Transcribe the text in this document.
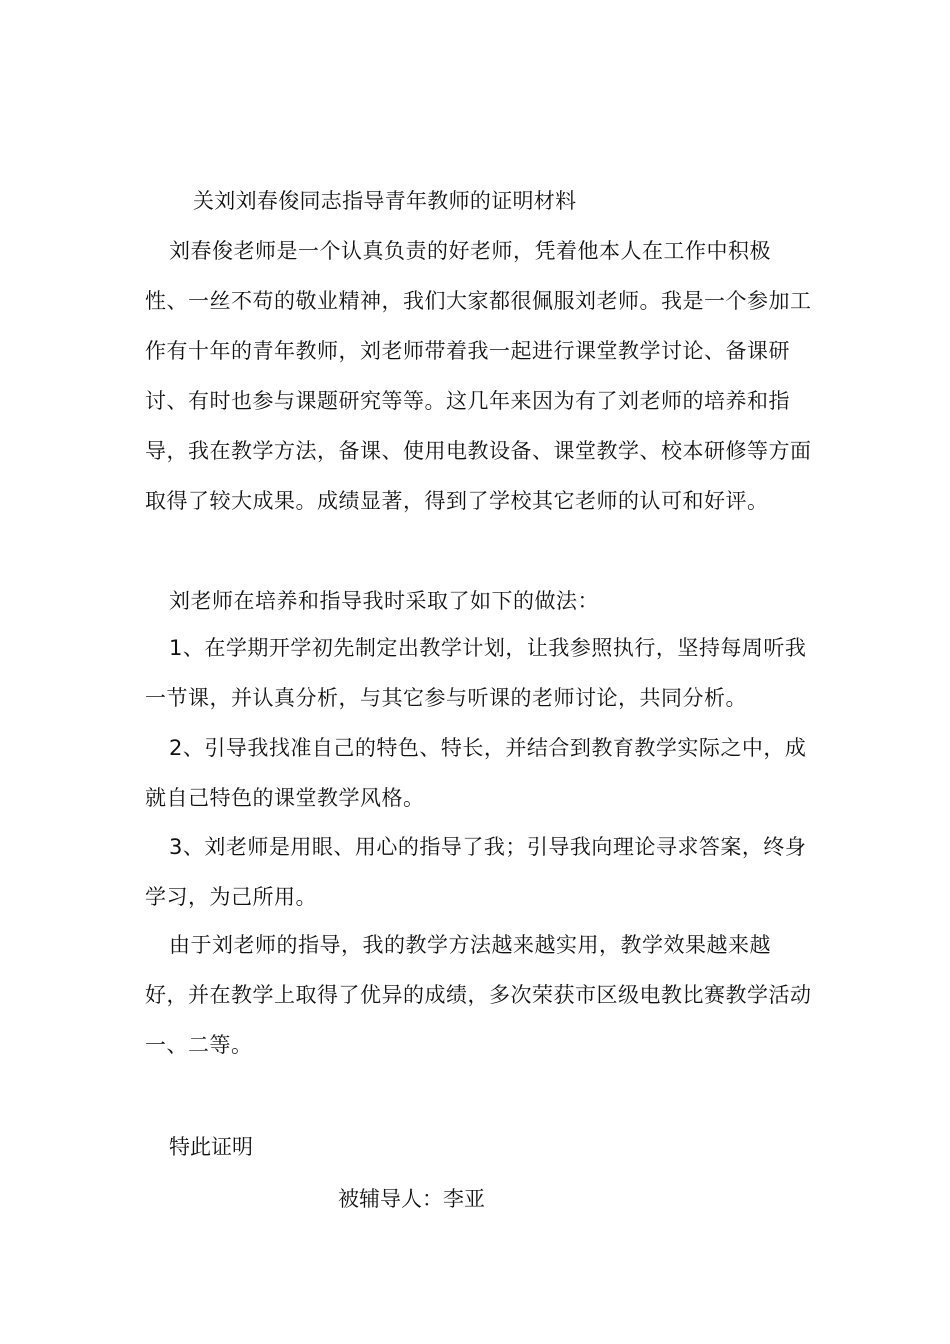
关刘刘春俊同志指导青年教师的证明材料

刘春俊老师是一个认真负责的好老师，凭着他本人在工作中积极性、一丝不苟的敬业精神，我们大家都很佩服刘老师。我是一个参加工作有十年的青年教师，刘老师带着我一起进行课堂教学讨论、备课研讨、有时也参与课题研究等等。这几年来因为有了刘老师的培养和指导，我在教学方法，备课、使用电教设备、课堂教学、校本研修等方面取得了较大成果。成绩显著，得到了学校其它老师的认可和好评。

刘老师在培养和指导我时采取了如下的做法：

1、在学期开学初先制定出教学计划，让我参照执行，坚持每周听我一节课，并认真分析，与其它参与听课的老师讨论，共同分析。

2、引导我找准自己的特色、特长，并结合到教育教学实际之中，成就自己特色的课堂教学风格。

3、刘老师是用眼、用心的指导了我；引导我向理论寻求答案，终身学习，为己所用。

由于刘老师的指导，我的教学方法越来越实用，教学效果越来越好，并在教学上取得了优异的成绩，多次荣获市区级电教比赛教学活动一、二等。

特此证明
被辅导人：李亚
